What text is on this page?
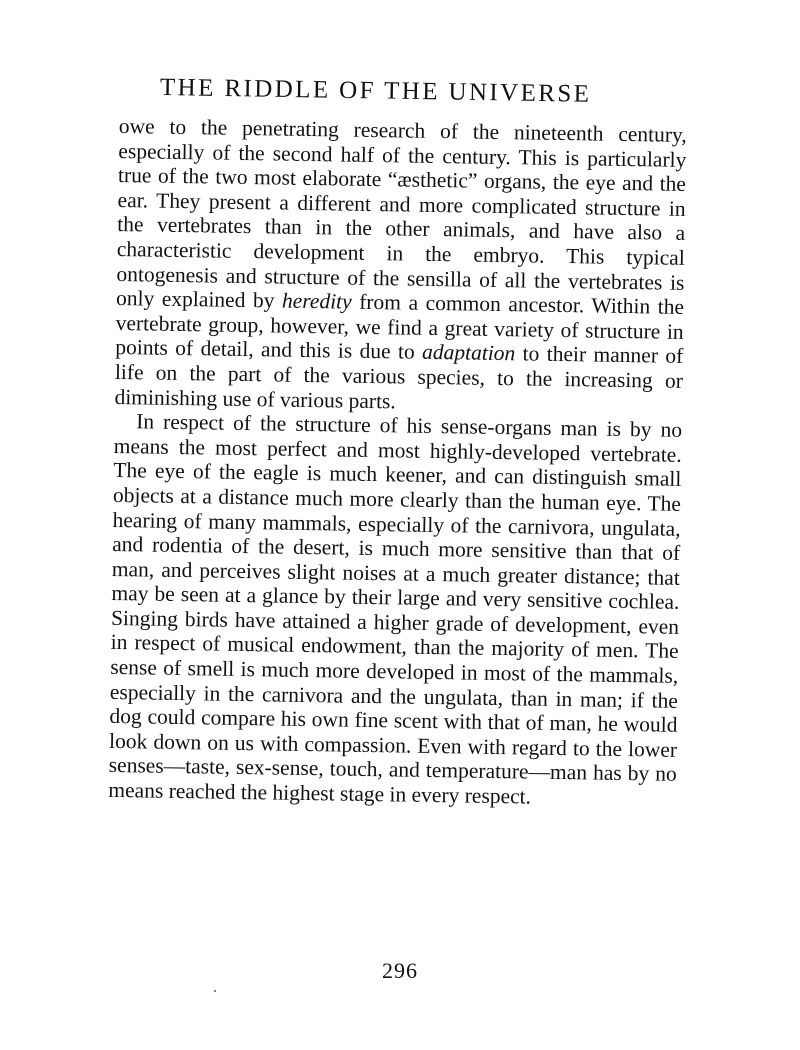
THE RIDDLE OF THE UNIVERSE

owe to the penetrating research of the nineteenth century, especially of the second half of the century. This is particularly true of the two most elaborate “æsthetic” organs, the eye and the ear. They present a different and more complicated structure in the vertebrates than in the other animals, and have also a characteristic development in the embryo. This typical ontogenesis and structure of the sensilla of all the vertebrates is only explained by heredity from a common ancestor. Within the vertebrate group, however, we find a great variety of structure in points of detail, and this is due to adaptation to their manner of life on the part of the various species, to the increasing or diminishing use of various parts.

In respect of the structure of his sense-organs man is by no means the most perfect and most highly-developed vertebrate. The eye of the eagle is much keener, and can distinguish small objects at a distance much more clearly than the human eye. The hearing of many mammals, especially of the carnivora, ungulata, and rodentia of the desert, is much more sensitive than that of man, and perceives slight noises at a much greater distance; that may be seen at a glance by their large and very sensitive cochlea. Singing birds have attained a higher grade of development, even in respect of musical endowment, than the majority of men. The sense of smell is much more developed in most of the mammals, especially in the carnivora and the ungulata, than in man; if the dog could compare his own fine scent with that of man, he would look down on us with compassion. Even with regard to the lower senses—taste, sex-sense, touch, and temperature—man has by no means reached the highest stage in every respect.

296
